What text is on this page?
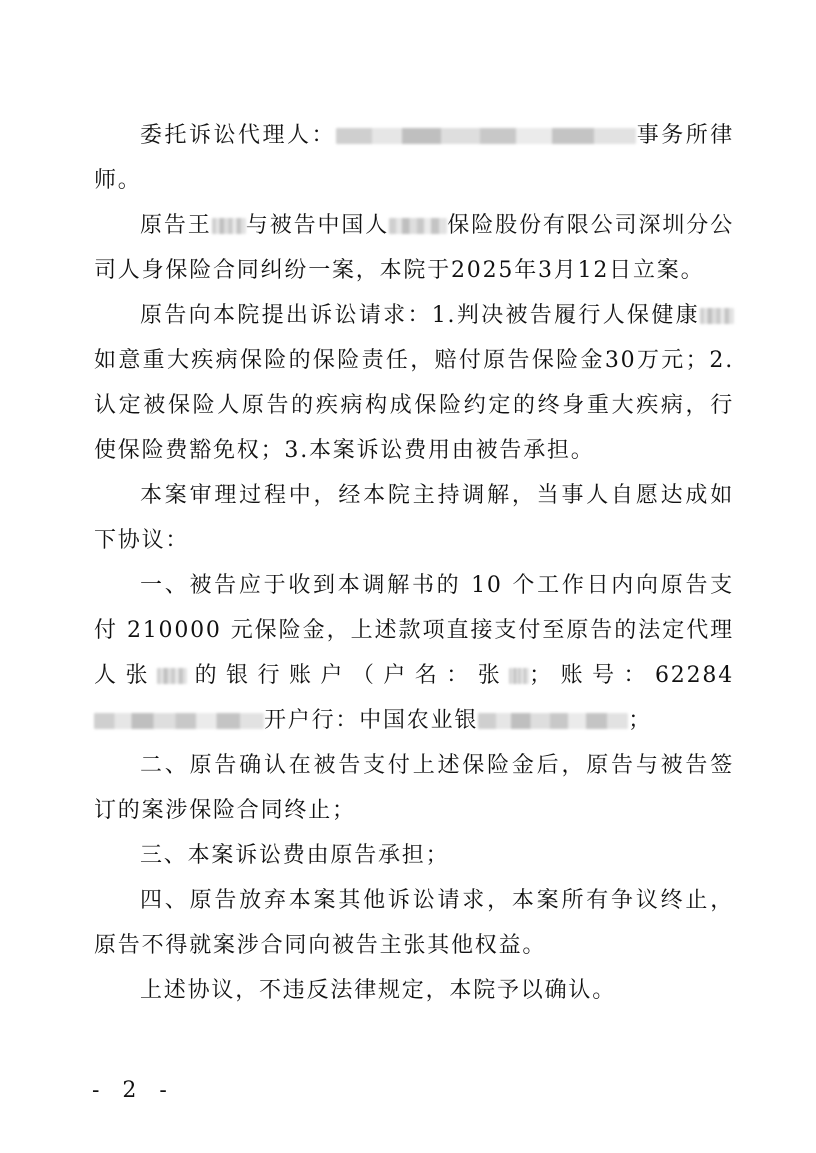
委托诉讼代理人：	事务所律师。

原告王 与被告中国人	保险股份有限公司深圳分公司人身保险合同纠纷一案，本院于2025年3月12日立案。

原告向本院提出诉讼请求：1.判决被告履行人保健康如意重大疾病保险的保险责任，赔付原告保险金30万元；2.认定被保险人原告的疾病构成保险约定的终身重大疾病，行使保险费豁免权；3.本案诉讼费用由被告承担。

本案审理过程中，经本院主持调解，当事人自愿达成如下协议：

一、被告应于收到本调解书的 10 个工作日内向原告支付 210000 元保险金，上述款项直接支付至原告的法定代理人张 的银行账户（户名：张 ；账号：62284开户行：中国农业银	；

二、原告确认在被告支付上述保险金后，原告与被告签订的案涉保险合同终止；

三、本案诉讼费由原告承担；

四、原告放弃本案其他诉讼请求，本案所有争议终止，原告不得就案涉合同向被告主张其他权益。

上述协议，不违反法律规定，本院予以确认。

- 2 -
